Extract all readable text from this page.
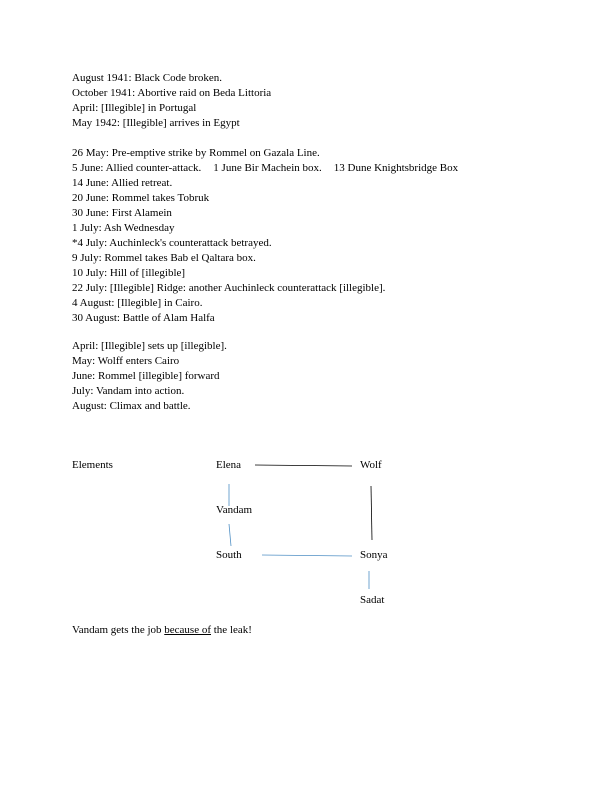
August 1941: Black Code broken.
October 1941: Abortive raid on Beda Littoria
April: [Illegible] in Portugal
May 1942: [Illegible] arrives in Egypt
26 May: Pre-emptive strike by Rommel on Gazala Line.
5 June: Allied counter-attack. 1 June Bir Machein box. 13 Dune Knightsbridge Box
14 June: Allied retreat.
20 June: Rommel takes Tobruk
30 June: First Alamein
1 July: Ash Wednesday
*4 July: Auchinleck's counterattack betrayed.
9 July: Rommel takes Bab el Qaltara box.
10 July: Hill of [illegible]
22 July: [Illegible] Ridge: another Auchinleck counterattack [illegible].
4 August: [Illegible] in Cairo.
30 August: Battle of Alam Halfa
April: [Illegible] sets up [illegible].
May: Wolff enters Cairo
June: Rommel [illegible] forward
July: Vandam into action.
August: Climax and battle.
Elements	Elena	Wolf
Vandam
South	Sonya
Sadat
Vandam gets the job because of the leak!
